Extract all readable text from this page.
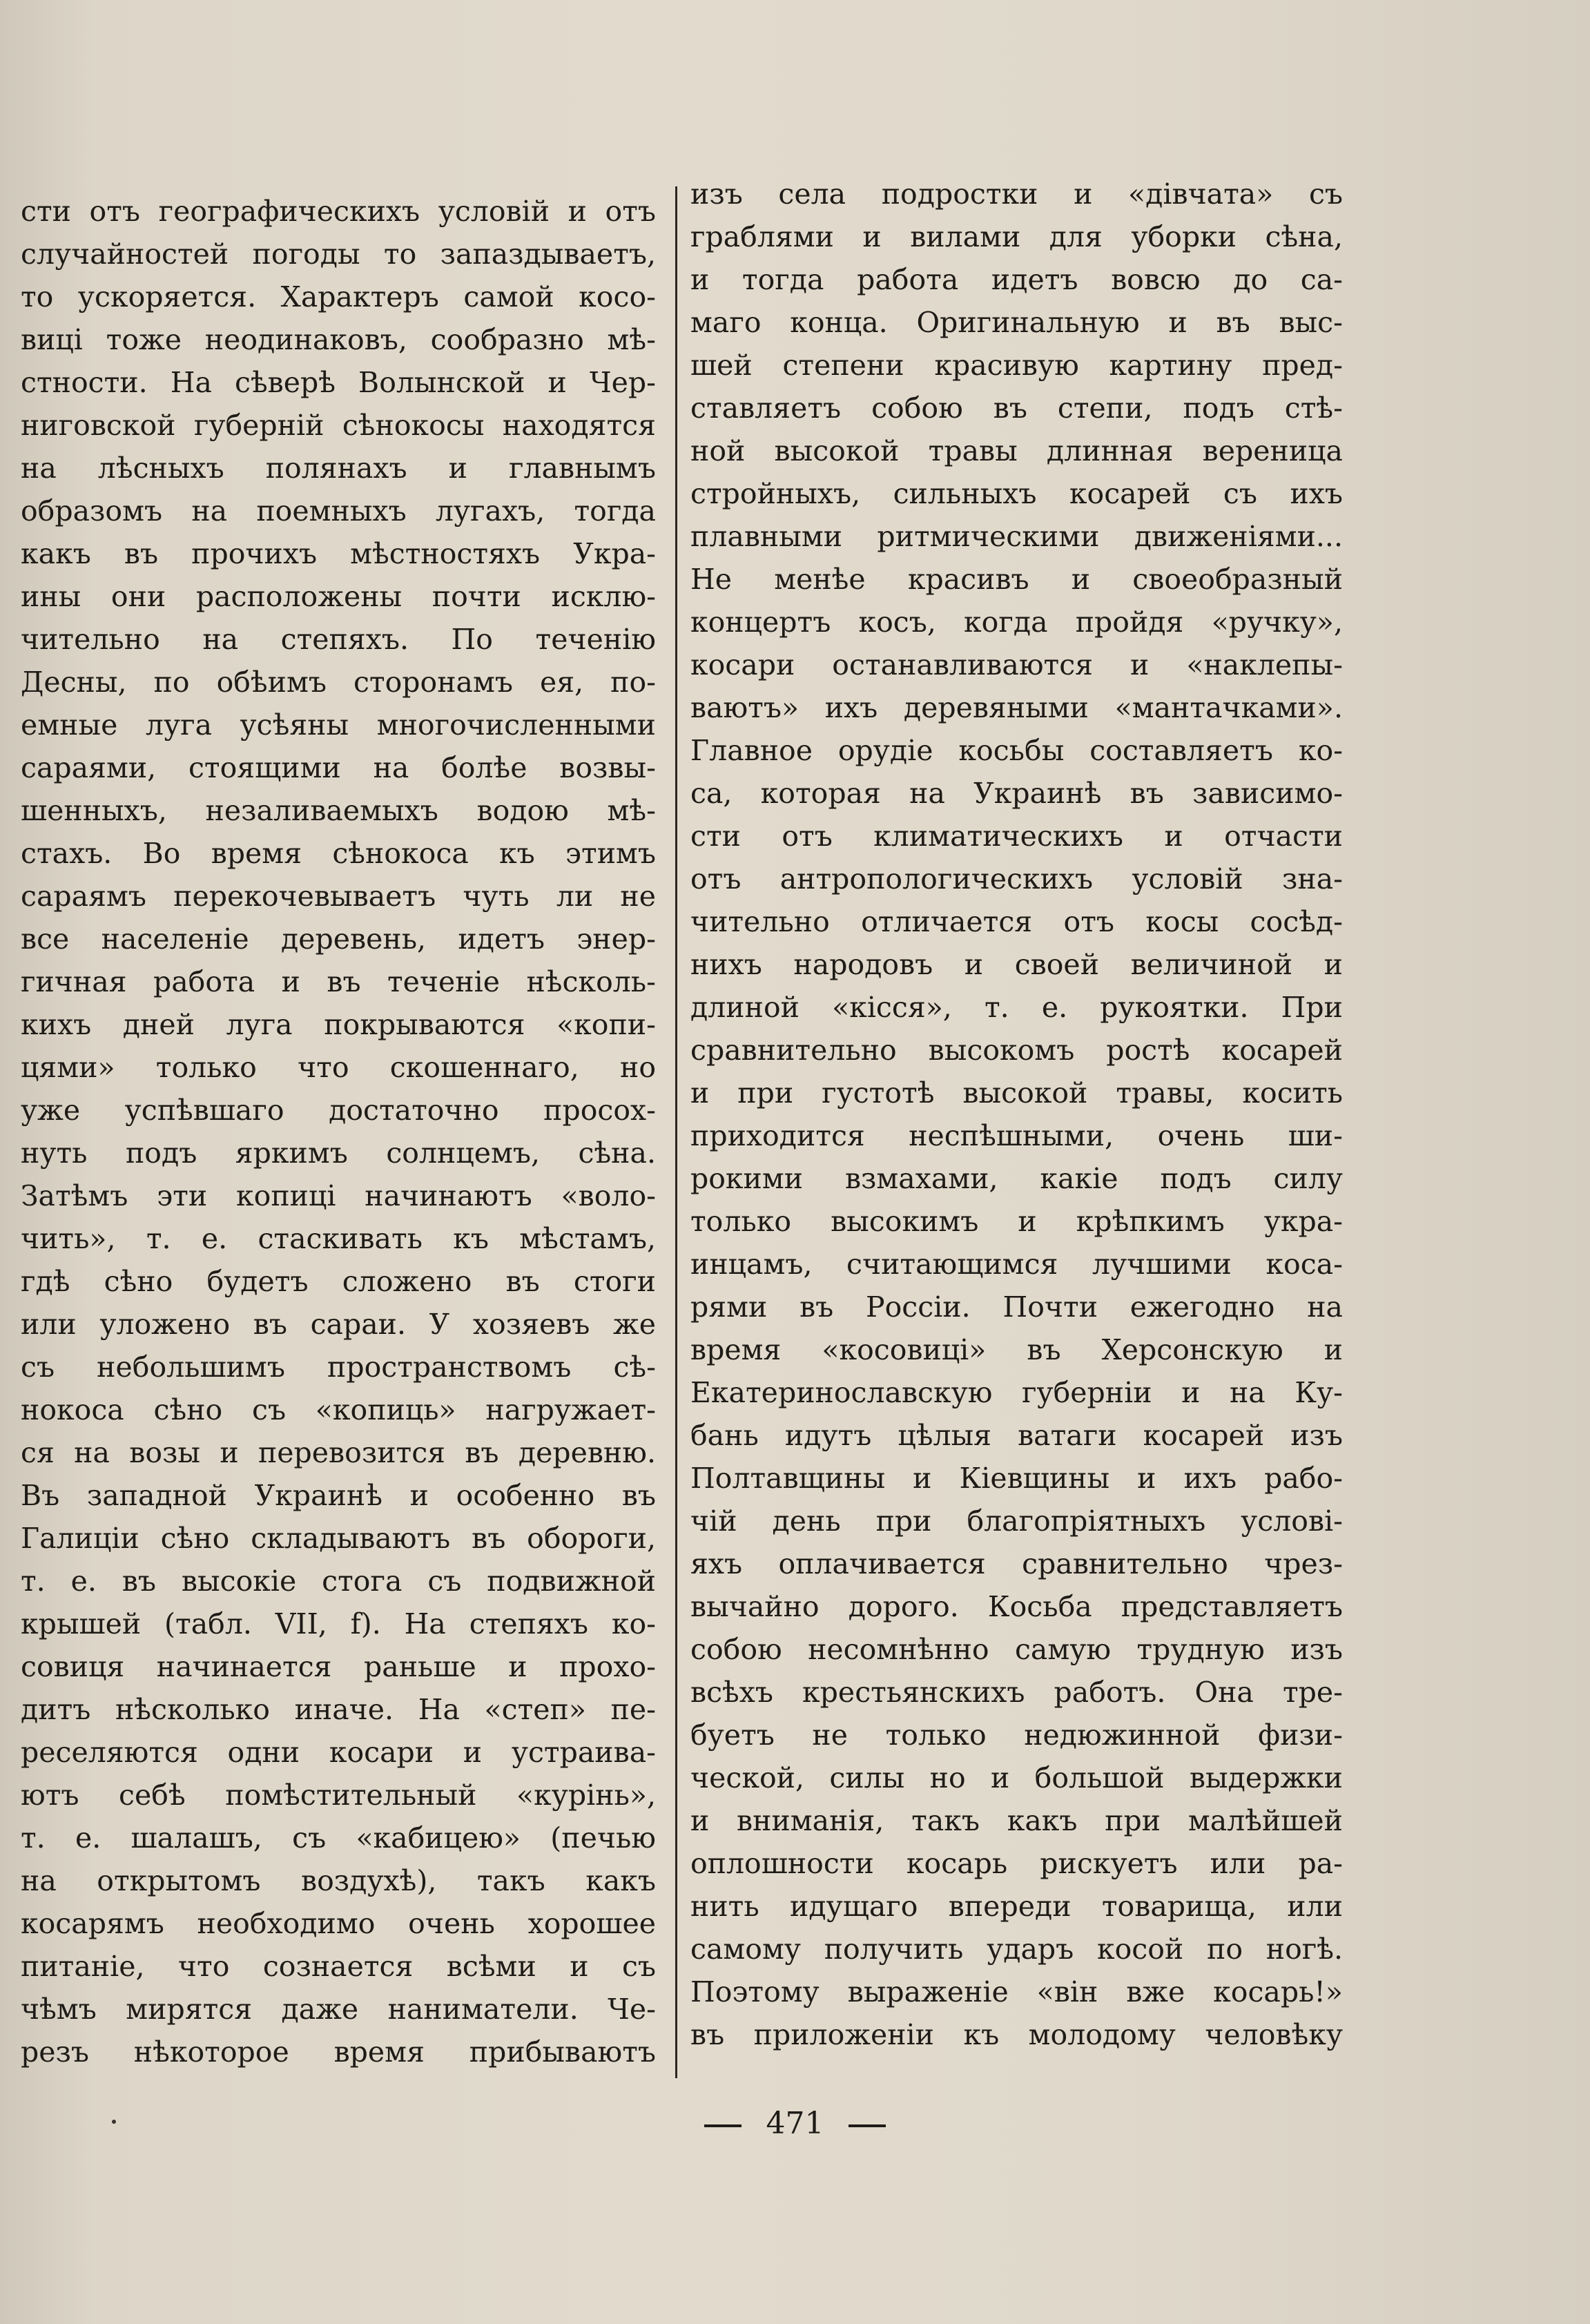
сти отъ географическихъ условій и отъ
случайностей погоды то запаздываетъ,
то ускоряется. Характеръ самой косо-
виці тоже неодинаковъ, сообразно мѣ-
стности. На сѣверѣ Волынской и Чер-
ниговской губерній сѣнокосы находятся
на лѣсныхъ полянахъ и главнымъ
образомъ на поемныхъ лугахъ, тогда
какъ въ прочихъ мѣстностяхъ Укра-
ины они расположены почти исклю-
чительно на степяхъ. По теченію
Десны, по обѣимъ сторонамъ ея, по-
емные луга усѣяны многочисленными
сараями, стоящими на болѣе возвы-
шенныхъ, незаливаемыхъ водою мѣ-
стахъ. Во время сѣнокоса къ этимъ
сараямъ перекочевываетъ чуть ли не
все населеніе деревень, идетъ энер-
гичная работа и въ теченіе нѣсколь-
кихъ дней луга покрываются «копи-
цями» только что скошеннаго, но
уже успѣвшаго достаточно просох-
нуть подъ яркимъ солнцемъ, сѣна.
Затѣмъ эти копиці начинаютъ «воло-
чить», т. е. стаскивать къ мѣстамъ,
гдѣ сѣно будетъ сложено въ стоги
или уложено въ сараи. У хозяевъ же
съ небольшимъ пространствомъ сѣ-
нокоса сѣно съ «копиць» нагружает-
ся на возы и перевозится въ деревню.
Въ западной Украинѣ и особенно въ
Галиціи сѣно складываютъ въ обороги,
т. е. въ высокіе стога съ подвижной
крышей (табл. VII, f). На степяхъ ко-
совиця начинается раньше и прохо-
дитъ нѣсколько иначе. На «степ» пе-
реселяются одни косари и устраива-
ютъ себѣ помѣстительный «курінь»,
т. е. шалашъ, съ «кабицею» (печью
на открытомъ воздухѣ), такъ какъ
косарямъ необходимо очень хорошее
питаніе, что сознается всѣми и съ
чѣмъ мирятся даже наниматели. Че-
резъ нѣкоторое время прибываютъ
изъ села подростки и «дівчата» съ
граблями и вилами для уборки сѣна,
и тогда работа идетъ вовсю до са-
маго конца. Оригинальную и въ выс-
шей степени красивую картину пред-
ставляетъ собою въ степи, подъ стѣ-
ной высокой травы длинная вереница
стройныхъ, сильныхъ косарей съ ихъ
плавными ритмическими движеніями...
Не менѣе красивъ и своеобразный
концертъ косъ, когда пройдя «ручку»,
косари останавливаются и «наклепы-
ваютъ» ихъ деревяными «мантачками».
Главное орудіе косьбы составляетъ ко-
са, которая на Украинѣ въ зависимо-
сти отъ климатическихъ и отчасти
отъ антропологическихъ условій зна-
чительно отличается отъ косы сосѣд-
нихъ народовъ и своей величиной и
длиной «кісся», т. е. рукоятки. При
сравнительно высокомъ ростѣ косарей
и при густотѣ высокой травы, косить
приходится неспѣшными, очень ши-
рокими взмахами, какіе подъ силу
только высокимъ и крѣпкимъ укра-
инцамъ, считающимся лучшими коса-
рями въ Россіи. Почти ежегодно на
время «косовиці» въ Херсонскую и
Екатеринославскую губерніи и на Ку-
бань идутъ цѣлыя ватаги косарей изъ
Полтавщины и Кіевщины и ихъ рабо-
чій день при благопріятныхъ услові-
яхъ оплачивается сравнительно чрез-
вычайно дорого. Косьба представляетъ
собою несомнѣнно самую трудную изъ
всѣхъ крестьянскихъ работъ. Она тре-
буетъ не только недюжинной физи-
ческой, силы но и большой выдержки
и вниманія, такъ какъ при малѣйшей
оплошности косарь рискуетъ или ра-
нить идущаго впереди товарища, или
самому получить ударъ косой по ногѣ.
Поэтому выраженіе «він вже косарь!»
въ приложеніи къ молодому человѣку
471
